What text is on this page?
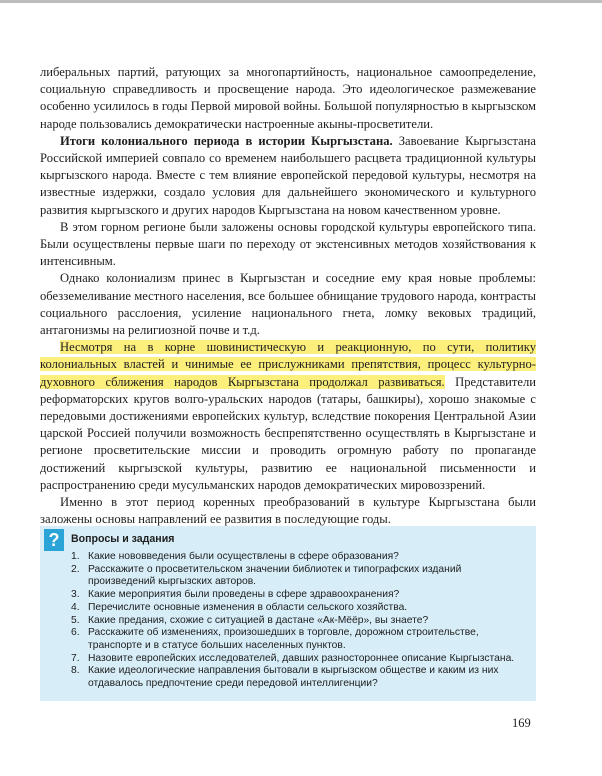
либеральных партий, ратующих за многопартийность, национальное самоопределение, социальную справедливость и просвещение народа. Это идеологическое размежевание особенно усилилось в годы Первой мировой войны. Большой популярностью в кыргызском народе пользовались демократически настроенные акыны-просветители.

Итоги колониального периода в истории Кыргызстана. Завоевание Кыргызстана Российской империей совпало со временем наибольшего расцвета традиционной культуры кыргызского народа. Вместе с тем влияние европейской передовой культуры, несмотря на известные издержки, создало условия для дальнейшего экономического и культурного развития кыргызского и других народов Кыргызстана на новом качественном уровне.

В этом горном регионе были заложены основы городской культуры европейского типа. Были осуществлены первые шаги по переходу от экстенсивных методов хозяйствования к интенсивным.

Однако колониализм принес в Кыргызстан и соседние ему края новые проблемы: обезземеливание местного населения, все большее обнищание трудового народа, контрасты социального расслоения, усиление национального гнета, ломку вековых традиций, антагонизмы на религиозной почве и т.д.

Несмотря на в корне шовинистическую и реакционную, по сути, политику колониальных властей и чинимые ее прислужниками препятствия, процесс культурно-духовного сближения народов Кыргызстана продолжал развиваться. Представители реформаторских кругов волго-уральских народов (татары, башкиры), хорошо знакомые с передовыми достижениями европейских культур, вследствие покорения Центральной Азии царской Россией получили возможность беспрепятственно осуществлять в Кыргызстане и регионе просветительские миссии и проводить огромную работу по пропаганде достижений кыргызской культуры, развитию ее национальной письменности и распространению среди мусульманских народов демократических мировоззрений.

Именно в этот период коренных преобразований в культуре Кыргызстана были заложены основы направлений ее развития в последующие годы.

?	Вопросы и задания
1. Какие нововведения были осуществлены в сфере образования?
2. Расскажите о просветительском значении библиотек и типографских изданий произведений кыргызских авторов.
3. Какие мероприятия были проведены в сфере здравоохранения?
4. Перечислите основные изменения в области сельского хозяйства.
5. Какие предания, схожие с ситуацией в дастане «Ак-Мёёр», вы знаете?
6. Расскажите об изменениях, произошедших в торговле, дорожном строительстве, транспорте и в статусе больших населенных пунктов.
7. Назовите европейских исследователей, давших разностороннее описание Кыргызстана.
8. Какие идеологические направления бытовали в кыргызском обществе и каким из них отдавалось предпочтение среди передовой интеллигенции?
169
